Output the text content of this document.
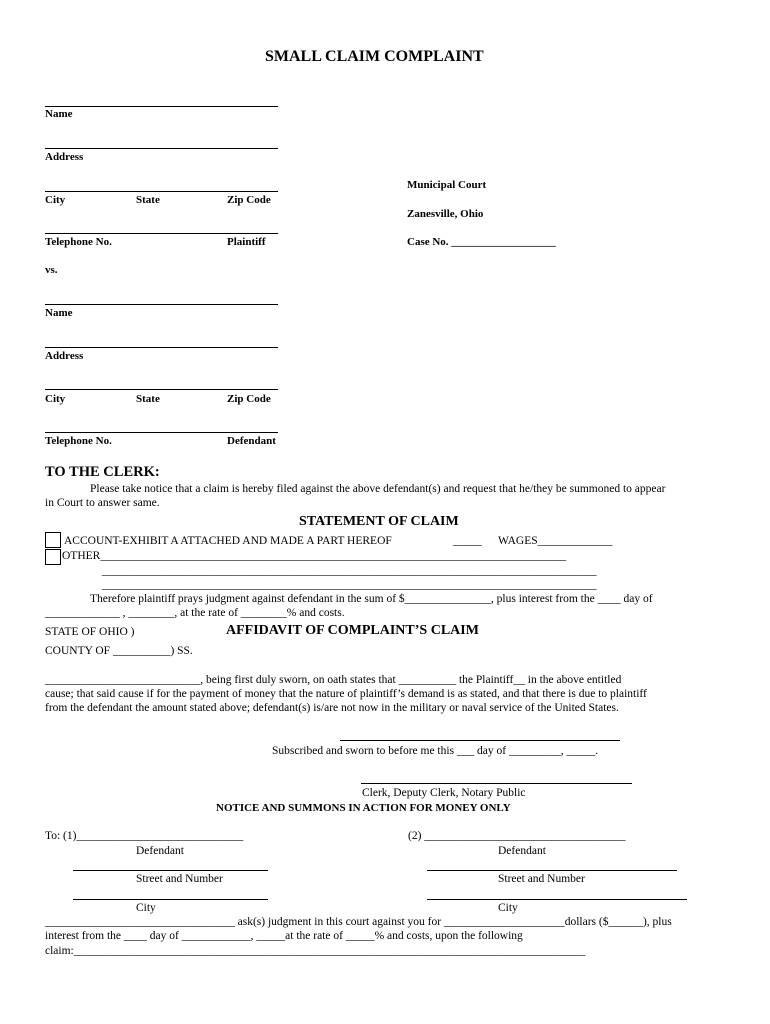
SMALL CLAIM COMPLAINT
Name
Address
City	State	Zip Code
Telephone No.	Plaintiff
Municipal Court
Zanesville, Ohio
Case No. ___________________
vs.
Name
Address
City	State	Zip Code
Telephone No.	Defendant
TO THE CLERK:
Please take notice that a claim is hereby filed against the above defendant(s) and request that he/they be summoned to appear
in Court to answer same.
STATEMENT OF CLAIM
ACCOUNT-EXHIBIT A ATTACHED AND MADE A PART HEREOF	_____ WAGES_____________
OTHER_________________________________________________________________________________
______________________________________________________________________________________
______________________________________________________________________________________
Therefore plaintiff prays judgment against defendant in the sum of $_______________, plus interest from the ____ day of
_____________ , ________, at the rate of ________% and costs.
STATE OF OHIO )	AFFIDAVIT OF COMPLAINT’S CLAIM
COUNTY OF __________) SS.
___________________________, being first duly sworn, on oath states that __________ the Plaintiff__ in the above entitled
cause; that said cause if for the payment of money that the nature of plaintiff’s demand is as stated, and that there is due to plaintiff
from the defendant the amount stated above; defendant(s) is/are not now in the military or naval service of the United States.
Subscribed and sworn to before me this ___ day of _________, _____.
Clerk, Deputy Clerk, Notary Public
NOTICE AND SUMMONS IN ACTION FOR MONEY ONLY
To: (1)_____________________________	(2) ___________________________________
Defendant	Defendant
Street and Number	Street and Number
City	City
_________________________________ ask(s) judgment in this court against you for _____________________dollars ($______), plus
interest from the ____ day of ____________, _____at the rate of _____% and costs, upon the following
claim:_________________________________________________________________________________________
